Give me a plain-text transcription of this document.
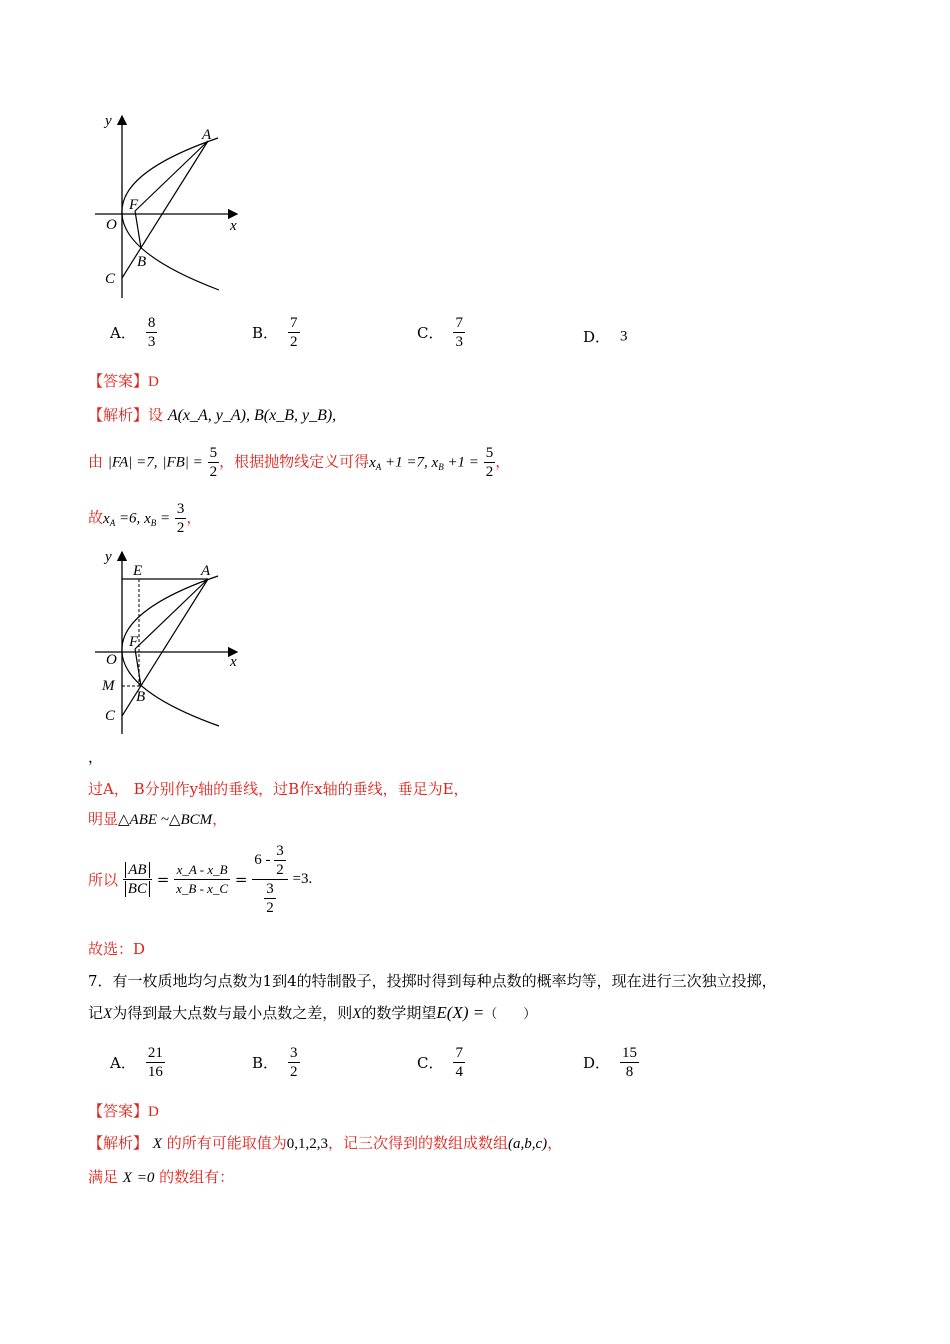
y
x
O
F
A
B
C
A． $\frac{8}{3}$	B． $\frac{7}{2}$	C． $\frac{7}{3}$	D． 3
【答案】D
【解析】设 A(x_A, y_A), B(x_B, y_B),
由 |FA| =7, $|FB| = \frac{5}{2}$ ，根据抛物线定义可得$x_A +1 =7$, $x_B +1 = \frac{5}{2}$ ，
故$x_A =6$, $x_B = \frac{3}{2}$ ，
y
E	A
x
O
F
M
B
C
，
过A， B分别作y轴的垂线，过B作x轴的垂线，垂足为E，
明显△ABE ~△BCM，
所以 $\frac{AB}{BC} = \frac{x\_A - x\_B}{x\_B - x\_C} = \frac{6 - \frac{3}{2}}{\frac{3}{2}} =3$.
故选：D
7．有一枚质地均匀点数为1到4的特制骰子，投掷时得到每种点数的概率均等，现在进行三次独立投掷，
记X为得到最大点数与最小点数之差，则X的数学期望E(X) =（　　）
A． $\frac{21}{16}$	B． $\frac{3}{2}$	C． $\frac{7}{4}$	D． $\frac{15}{8}$
【答案】D
【解析】 X 的所有可能取值为0,1,2,3，记三次得到的数组成数组(a,b,c)，
满足 X =0 的数组有：
